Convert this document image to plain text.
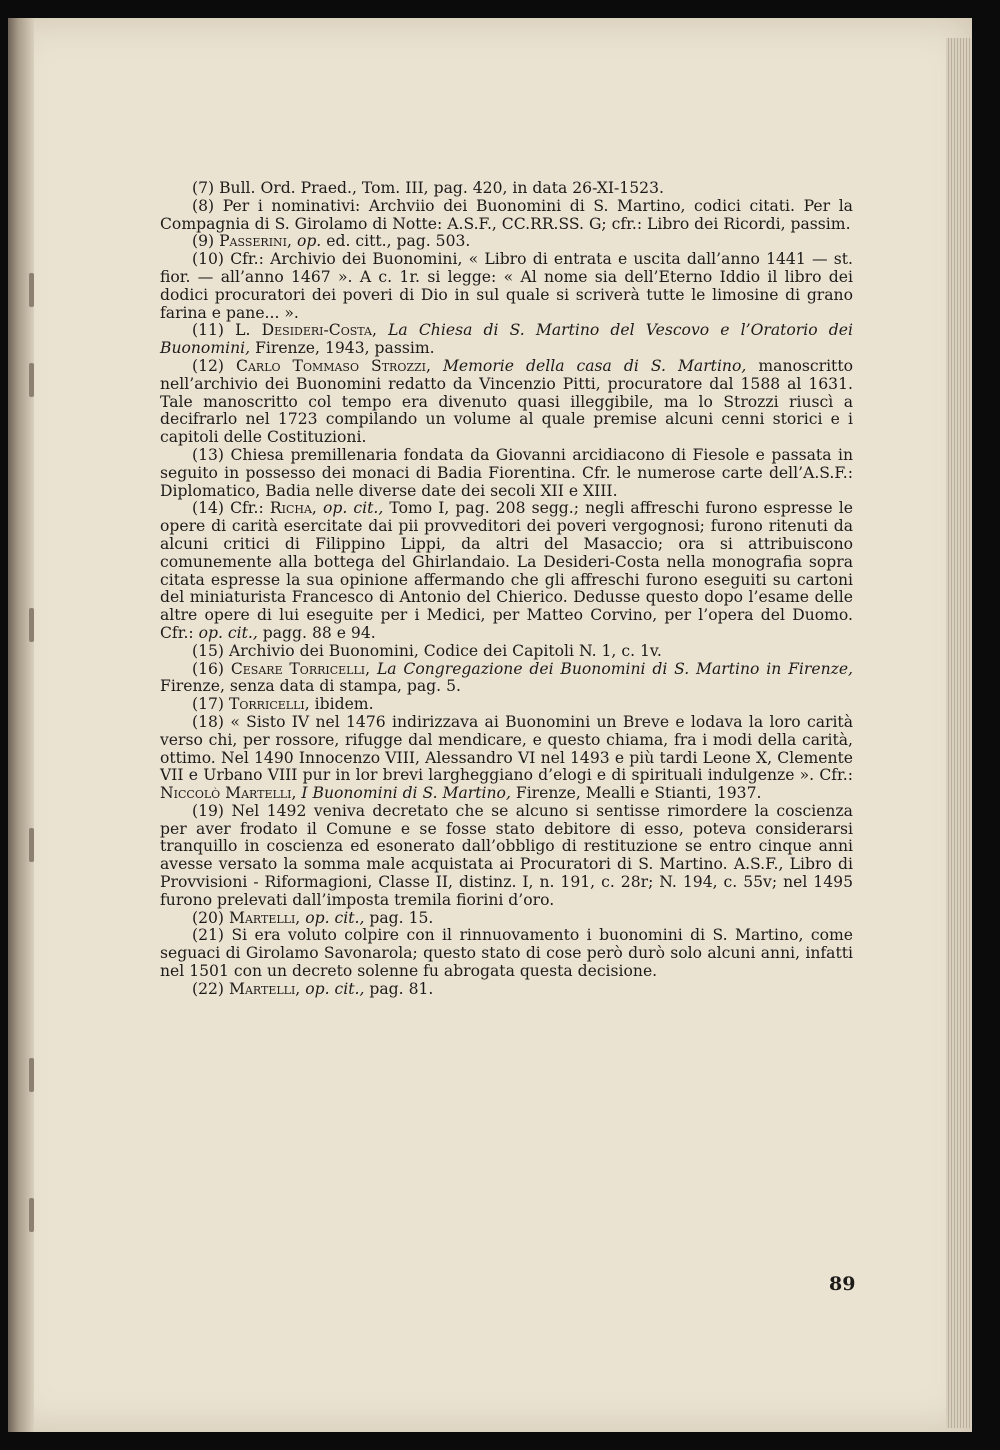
(7) Bull. Ord. Praed., Tom. III, pag. 420, in data 26-XI-1523.

(8) Per i nominativi: Archviio dei Buonomini di S. Martino, codici citati. Per la Compagnia di S. Girolamo di Notte: A.S.F., CC.RR.SS. G; cfr.: Libro dei Ricordi, passim.

(9) Passerini, op. ed. citt., pag. 503.

(10) Cfr.: Archivio dei Buonomini, « Libro di entrata e uscita dall’anno 1441 — st. fior. — all’anno 1467 ». A c. 1r. si legge: « Al nome sia dell’Eterno Iddio il libro dei dodici procuratori dei poveri di Dio in sul quale si scriverà tutte le limosine di grano farina e pane... ».

(11) L. Desideri-Costa, La Chiesa di S. Martino del Vescovo e l’Oratorio dei Buonomini, Firenze, 1943, passim.

(12) Carlo Tommaso Strozzi, Memorie della casa di S. Martino, manoscritto nell’archivio dei Buonomini redatto da Vincenzio Pitti, procuratore dal 1588 al 1631. Tale manoscritto col tempo era divenuto quasi illeggibile, ma lo Strozzi riuscì a decifrarlo nel 1723 compilando un volume al quale premise alcuni cenni storici e i capitoli delle Costituzioni.

(13) Chiesa premillenaria fondata da Giovanni arcidiacono di Fiesole e passata in seguito in possesso dei monaci di Badia Fiorentina. Cfr. le numerose carte dell’A.S.F.: Diplomatico, Badia nelle diverse date dei secoli XII e XIII.

(14) Cfr.: Richa, op. cit., Tomo I, pag. 208 segg.; negli affreschi furono espresse le opere di carità esercitate dai pii provveditori dei poveri vergognosi; furono ritenuti da alcuni critici di Filippino Lippi, da altri del Masaccio; ora si attribuiscono comunemente alla bottega del Ghirlandaio. La Desideri-Costa nella monografia sopra citata espresse la sua opinione affermando che gli affreschi furono eseguiti su cartoni del miniaturista Francesco di Antonio del Chierico. Dedusse questo dopo l’esame delle altre opere di lui eseguite per i Medici, per Matteo Corvino, per l’opera del Duomo. Cfr.: op. cit., pagg. 88 e 94.

(15) Archivio dei Buonomini, Codice dei Capitoli N. 1, c. 1v.

(16) Cesare Torricelli, La Congregazione dei Buonomini di S. Martino in Firenze, Firenze, senza data di stampa, pag. 5.

(17) Torricelli, ibidem.

(18) « Sisto IV nel 1476 indirizzava ai Buonomini un Breve e lodava la loro carità verso chi, per rossore, rifugge dal mendicare, e questo chiama, fra i modi della carità, ottimo. Nel 1490 Innocenzo VIII, Alessandro VI nel 1493 e più tardi Leone X, Clemente VII e Urbano VIII pur in lor brevi largheggiano d’elogi e di spirituali indulgenze ». Cfr.: Niccolò Martelli, I Buonomini di S. Martino, Firenze, Mealli e Stianti, 1937.

(19) Nel 1492 veniva decretato che se alcuno si sentisse rimordere la coscienza per aver frodato il Comune e se fosse stato debitore di esso, poteva considerarsi tranquillo in coscienza ed esonerato dall’obbligo di restituzione se entro cinque anni avesse versato la somma male acquistata ai Procuratori di S. Martino. A.S.F., Libro di Provvisioni - Riformagioni, Classe II, distinz. I, n. 191, c. 28r; N. 194, c. 55v; nel 1495 furono prelevati dall’imposta tremila fiorini d’oro.

(20) Martelli, op. cit., pag. 15.

(21) Si era voluto colpire con il rinnuovamento i buonomini di S. Martino, come seguaci di Girolamo Savonarola; questo stato di cose però durò solo alcuni anni, infatti nel 1501 con un decreto solenne fu abrogata questa decisione.

(22) Martelli, op. cit., pag. 81.

89
